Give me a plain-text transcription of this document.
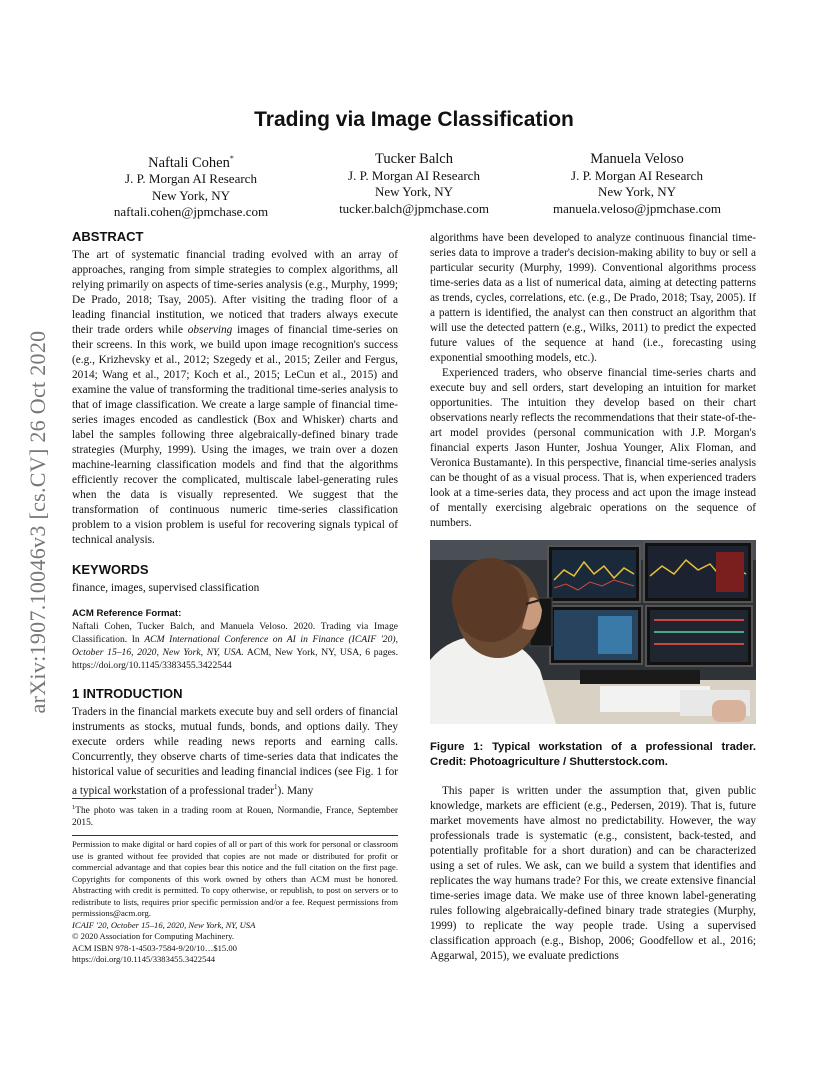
arXiv:1907.10046v3 [cs.CV] 26 Oct 2020
Trading via Image Classification
Naftali Cohen*
J. P. Morgan AI Research
New York, NY
naftali.cohen@jpmchase.com
Tucker Balch
J. P. Morgan AI Research
New York, NY
tucker.balch@jpmchase.com
Manuela Veloso
J. P. Morgan AI Research
New York, NY
manuela.veloso@jpmchase.com
ABSTRACT

The art of systematic financial trading evolved with an array of approaches, ranging from simple strategies to complex algorithms, all relying primarily on aspects of time-series analysis (e.g., Murphy, 1999; De Prado, 2018; Tsay, 2005). After visiting the trading floor of a leading financial institution, we noticed that traders always execute their trade orders while observing images of financial time-series on their screens. In this work, we build upon image recognition's success (e.g., Krizhevsky et al., 2012; Szegedy et al., 2015; Zeiler and Fergus, 2014; Wang et al., 2017; Koch et al., 2015; LeCun et al., 2015) and examine the value of transforming the traditional time-series analysis to that of image classification. We create a large sample of financial time-series images encoded as candlestick (Box and Whisker) charts and label the samples following three algebraically-defined binary trade strategies (Murphy, 1999). Using the images, we train over a dozen machine-learning classification models and find that the algorithms efficiently recover the complicated, multiscale label-generating rules when the data is visually represented. We suggest that the transformation of continuous numeric time-series classification problem to a vision problem is useful for recovering signals typical of technical analysis.

KEYWORDS

finance, images, supervised classification

ACM Reference Format:

Naftali Cohen, Tucker Balch, and Manuela Veloso. 2020. Trading via Image Classification. In ACM International Conference on AI in Finance (ICAIF '20), October 15–16, 2020, New York, NY, USA. ACM, New York, NY, USA, 6 pages. https://doi.org/10.1145/3383455.3422544

1 INTRODUCTION

Traders in the financial markets execute buy and sell orders of financial instruments as stocks, mutual funds, bonds, and options daily. They execute orders while reading news reports and earning calls. Concurrently, they observe charts of time-series data that indicates the historical value of securities and leading financial indices (see Fig. 1 for a typical workstation of a professional trader$^1$). Many

$^1$The photo was taken in a trading room at Rouen, Normandie, France, September 2015.

Permission to make digital or hard copies of all or part of this work for personal or classroom use is granted without fee provided that copies are not made or distributed for profit or commercial advantage and that copies bear this notice and the full citation on the first page. Copyrights for components of this work owned by others than ACM must be honored. Abstracting with credit is permitted. To copy otherwise, or republish, to post on servers or to redistribute to lists, requires prior specific permission and/or a fee. Request permissions from permissions@acm.org.

ICAIF '20, October 15–16, 2020, New York, NY, USA

© 2020 Association for Computing Machinery.

ACM ISBN 978-1-4503-7584-9/20/10…$15.00

https://doi.org/10.1145/3383455.3422544

algorithms have been developed to analyze continuous financial time-series data to improve a trader's decision-making ability to buy or sell a particular security (Murphy, 1999). Conventional algorithms process time-series data as a list of numerical data, aiming at detecting patterns as trends, cycles, correlations, etc. (e.g., De Prado, 2018; Tsay, 2005). If a pattern is identified, the analyst can then construct an algorithm that will use the detected pattern (e.g., Wilks, 2011) to predict the expected future values of the sequence at hand (i.e., forecasting using exponential smoothing models, etc.).

Experienced traders, who observe financial time-series charts and execute buy and sell orders, start developing an intuition for market opportunities. The intuition they develop based on their chart observations nearly reflects the recommendations that their state-of-the-art model provides (personal communication with J.P. Morgan's financial experts Jason Hunter, Joshua Younger, Alix Floman, and Veronica Bustamante). In this perspective, financial time-series analysis can be thought of as a visual process. That is, when experienced traders look at a time-series data, they process and act upon the image instead of mentally exercising algebraic operations on the sequence of numbers.

Figure 1: Typical workstation of a professional trader. Credit: Photoagriculture / Shutterstock.com.

This paper is written under the assumption that, given public knowledge, markets are efficient (e.g., Pedersen, 2019). That is, future market movements have almost no predictability. However, the way professionals trade is systematic (e.g., consistent, back-tested, and potentially profitable for a short duration) and can be characterized using a set of rules. We ask, can we build a system that identifies and replicates the way humans trade? For this, we create extensive financial time-series image data. We make use of three known label-generating rules following algebraically-defined binary trade strategies (Murphy, 1999) to replicate the way people trade. Using a supervised classification approach (e.g., Bishop, 2006; Goodfellow et al., 2016; Aggarwal, 2015), we evaluate predictions
